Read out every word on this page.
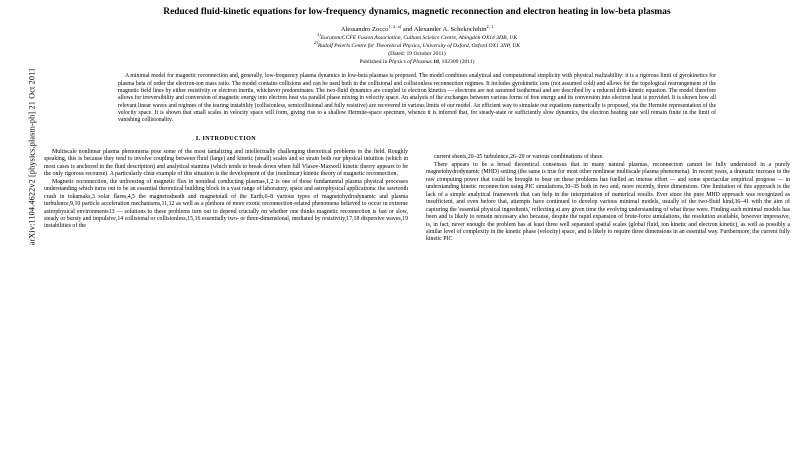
arXiv:1104.4622v2 [physics.plasm-ph] 21 Oct 2011
Reduced fluid-kinetic equations for low-frequency dynamics, magnetic reconnection and electron heating in low-beta plasmas
Alessandro Zocco$^{1, 2, a)}$ and Alexander A. Schekochihin$^{2, 1}$
$^{1)}$Euratom/CCFE Fusion Association, Culham Science Centre, Abingdon OX14 3DB, UK
$^{2)}$Rudolf Peierls Centre for Theoretical Physics, University of Oxford, Oxford OX1 3NP, UK
(Dated: 19 October 2011)
Published in Physics of Plasmas 18, 102309 (2011)

A minimal model for magnetic reconnection and, generally, low-frequency plasma dynamics in low-beta plasmas is proposed. The model combines analytical and computational simplicity with physical realizability: it is a rigorous limit of gyrokinetics for plasma beta of order the electron-ion mass ratio. The model contains collisions and can be used both in the collisional and collisionless reconnection regimes. It includes gyrokinetic ions (not assumed cold) and allows for the topological rearrangement of the magnetic field lines by either resistivity or electron inertia, whichever predominates. The two-fluid dynamics are coupled to electron kinetics — electrons are not assumed isothermal and are described by a reduced drift-kinetic equation. The model therefore allows for irreversibility and conversion of magnetic energy into electron heat via parallel phase mixing in velocity space. An analysis of the exchanges between various forms of free energy and its conversion into electron heat is provided. It is shown how all relevant linear waves and regimes of the tearing instability (collisionless, semicollisional and fully resistive) are recovered in various limits of our model. An efficient way to simulate our equations numerically is proposed, via the Hermite representation of the velocity space. It is shown that small scales in velocity space will form, giving rise to a shallow Hermite-space spectrum, whence it is inferred that, for steady-state or sufficiently slow dynamics, the electron heating rate will remain finite in the limit of vanishing collisionality.

I. INTRODUCTION

Multiscale nonlinear plasma phenomena pose some of the most tantalizing and intellectually challenging theoretical problems in the field. Roughly speaking, this is because they tend to involve coupling between fluid (large) and kinetic (small) scales and so strain both our physical intuition (which in most cases is anchored in the fluid description) and analytical stamina (which tends to break down when full Vlasov-Maxwell kinetic theory appears to be the only rigorous recourse). A particularly clear example of this situation is the development of the (nonlinear) kinetic theory of magnetic reconnection.

Magnetic reconnection, the unfreezing of magnetic flux in nonideal conducting plasmas,1,2 is one of those fundamental plasma physical processes understanding which turns out to be an essential theoretical building block in a vast range of laboratory, space and astrophysical applications: the sawtooth crash in tokamaks,3 solar flares,4,5 the magnetosheath and magnetotail of the Earth,6–8 various types of magnetohydrodynamic and plasma turbulence,9,10 particle acceleration mechanisms,11,12 as well as a plethora of more exotic reconnection-related phenomena believed to occur in extreme astrophysical environments13 — solutions to these problems turn out to depend crucially on whether one thinks magnetic reconnection is fast or slow, steady or bursty and impulsive,14 collisional or collisionless,15,16 essentially two- or three-dimensional, mediated by resistivity,17,18 dispersive waves,19 instabilities of the

current sheets,20–25 turbulence,26–29 or various combinations of these.

There appears to be a broad theoretical consensus that in many natural plasmas, reconnection cannot be fully understood in a purely magnetohydrodynamic (MHD) setting (the same is true for most other nonlinear multiscale plasma phenomena). In recent years, a dramatic increase in the raw computing power that could be brought to bear on these problems has fuelled an intense effort — and some spectacular empirical progress — in understanding kinetic reconnection using PIC simulations,30–35 both in two and, more recently, three dimensions. One limitation of this approach is the lack of a simple analytical framework that can help in the interpretation of numerical results. Ever since the pure MHD approach was recognized as insufficient, and even before that, attempts have continued to develop various minimal models, usually of the two-fluid kind,36–41 with the aim of capturing the 'essential physical ingredients,' reflecting at any given time the evolving understanding of what those were. Finding such minimal models has been and is likely to remain necessary also because, despite the rapid expansion of brute-force simulations, the resolution available, however impressive, is, in fact, never enough: the problem has at least three well separated spatial scales (global fluid, ion kinetic and electron kinetic), as well as possibly a similar level of complexity in the kinetic phase (velocity) space, and is likely to require three dimensions in an essential way. Furthermore, the current fully kinetic PIC
